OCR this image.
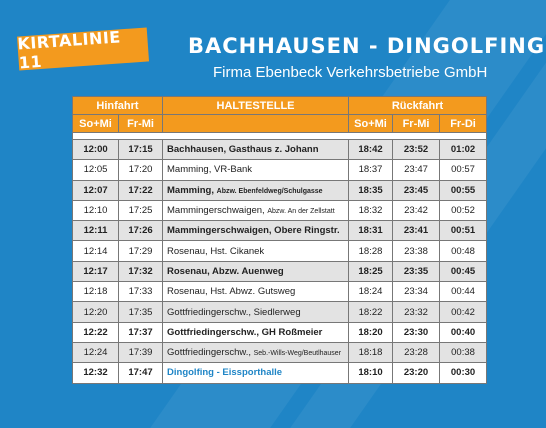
KIRTALINIE 11
BACHHAUSEN - DINGOLFING
Firma Ebenbeck Verkehrsbetriebe GmbH
Hinfahrt		HALTESTELLE	Rückfahrt		
So+Mi	Fr-Mi		So+Mi	Fr-Mi	Fr-Di

12:00	17:15	Bachhausen, Gasthaus z. Johann	18:42	23:52	01:02
12:05	17:20	Mamming, VR-Bank	18:37	23:47	00:57
12:07	17:22	Mamming, Abzw. Ebenfeldweg/Schulgasse	18:35	23:45	00:55
12:10	17:25	Mammingerschwaigen, Abzw. An der Zellstatt	18:32	23:42	00:52
12:11	17:26	Mammingerschwaigen, Obere Ringstr.	18:31	23:41	00:51
12:14	17:29	Rosenau, Hst. Cikanek	18:28	23:38	00:48
12:17	17:32	Rosenau, Abzw. Auenweg	18:25	23:35	00:45
12:18	17:33	Rosenau, Hst. Abwz. Gutsweg	18:24	23:34	00:44
12:20	17:35	Gottfriedingerschw., Siedlerweg	18:22	23:32	00:42
12:22	17:37	Gottfriedingerschw., GH Roßmeier	18:20	23:30	00:40
12:24	17:39	Gottfriedingerschw., Seb.-Wills-Weg/Beutlhauser	18:18	23:28	00:38
12:32	17:47	Dingolfing - Eissporthalle	18:10	23:20	00:30
